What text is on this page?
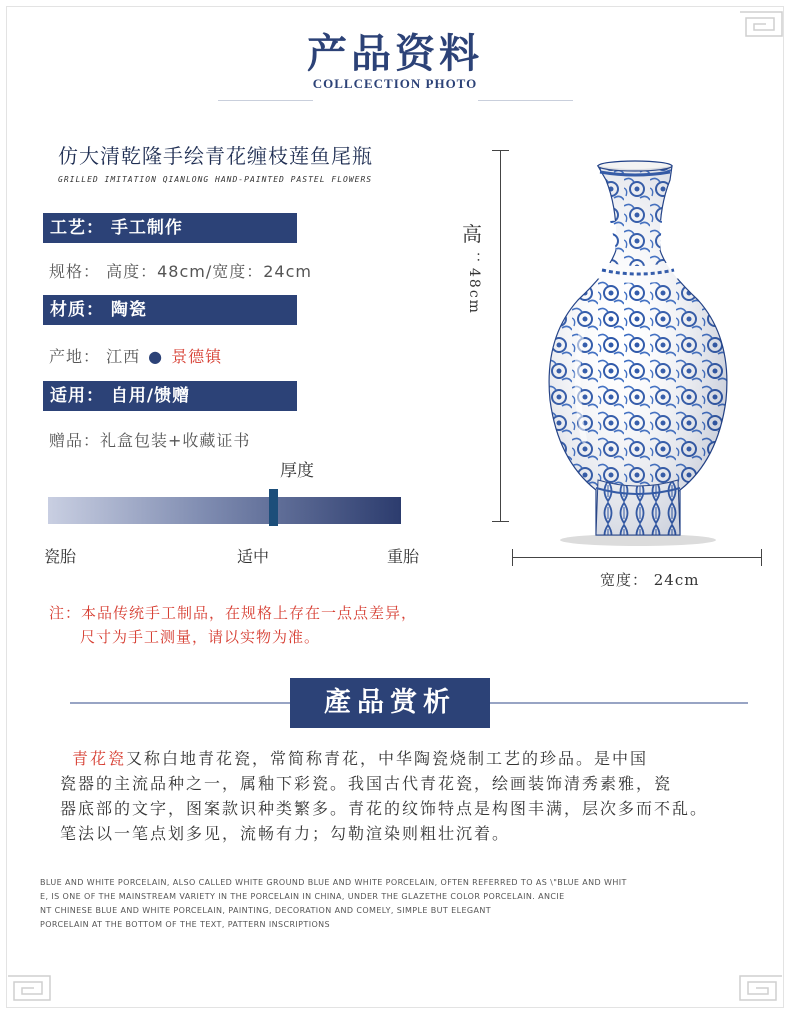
产品资料
COLLCECTION PHOTO
仿大清乾隆手绘青花缠枝莲鱼尾瓶
GRILLED IMITATION QIANLONG HAND-PAINTED PASTEL FLOWERS
工艺： 手工制作
规格： 高度：48cm/宽度：24cm
材质： 陶瓷
产地： 江西 ● 景德镇
适用： 自用/馈赠
赠品：礼盒包装+收藏证书
厚度
瓷胎	适中	重胎
注：本品传统手工制品，在规格上存在一点点差异，
尺寸为手工测量，请以实物为准。
高
：48cm
宽度： 24cm
產品赏析
青花瓷又称白地青花瓷，常简称青花，中华陶瓷烧制工艺的珍品。是中国
瓷器的主流品种之一，属釉下彩瓷。我国古代青花瓷，绘画装饰清秀素雅，瓷
器底部的文字，图案款识种类繁多。青花的纹饰特点是构图丰满，层次多而不乱。
笔法以一笔点划多见，流畅有力；勾勒渲染则粗壮沉着。
BLUE AND WHITE PORCELAIN, ALSO CALLED WHITE GROUND BLUE AND WHITE PORCELAIN, OFTEN REFERRED TO AS \"BLUE AND WHIT
E, IS ONE OF THE MAINSTREAM VARIETY IN THE PORCELAIN IN CHINA, UNDER THE GLAZETHE COLOR PORCELAIN. ANCIE
NT CHINESE BLUE AND WHITE PORCELAIN, PAINTING, DECORATION AND COMELY, SIMPLE BUT ELEGANT
PORCELAIN AT THE BOTTOM OF THE TEXT, PATTERN INSCRIPTIONS
